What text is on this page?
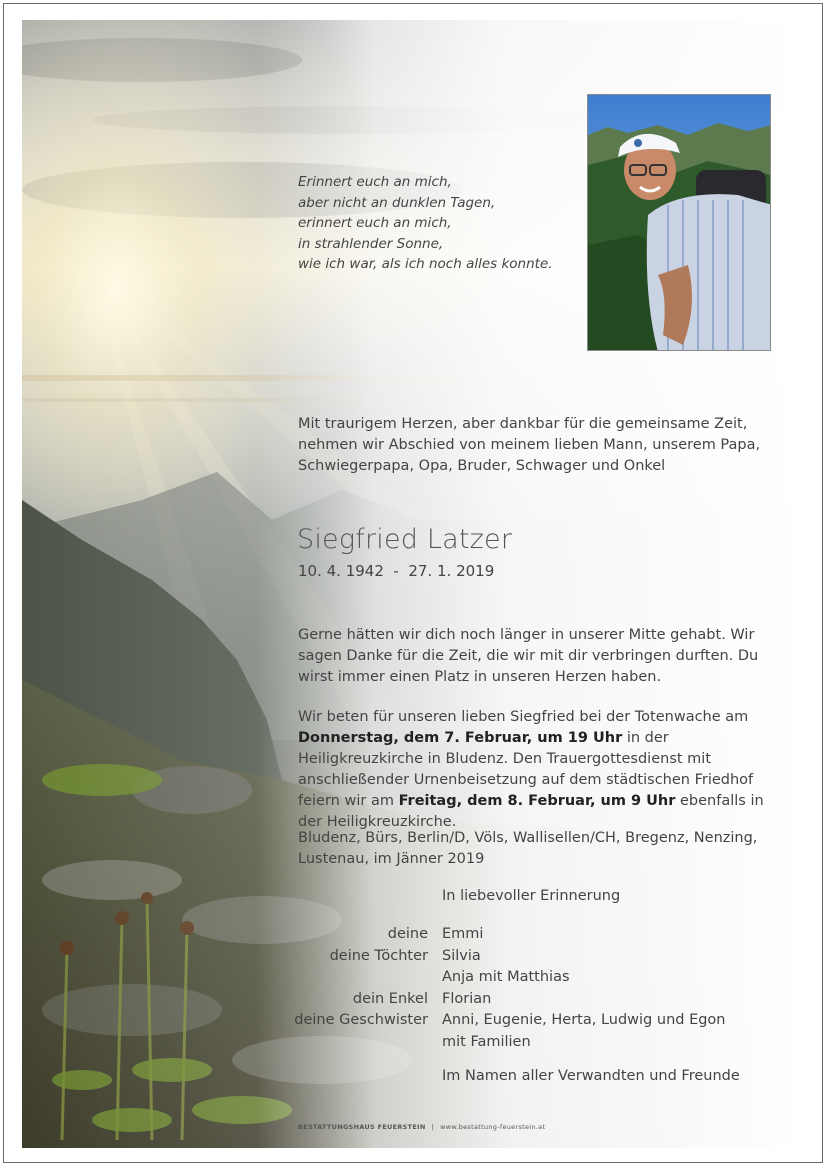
Erinnert euch an mich,
aber nicht an dunklen Tagen,
erinnert euch an mich,
in strahlender Sonne,
wie ich war, als ich noch alles konnte.
Mit traurigem Herzen, aber dankbar für die gemeinsame Zeit, nehmen wir Abschied von meinem lieben Mann, unserem Papa, Schwiegerpapa, Opa, Bruder, Schwager und Onkel
Siegfried Latzer
10. 4. 1942  -  27. 1. 2019
Gerne hätten wir dich noch länger in unserer Mitte gehabt. Wir sagen Danke für die Zeit, die wir mit dir verbringen durften. Du wirst immer einen Platz in unseren Herzen haben.
Wir beten für unseren lieben Siegfried bei der Totenwache am Donnerstag, dem 7. Februar, um 19 Uhr in der Heiligkreuzkirche in Bludenz. Den Trauergottesdienst mit anschließender Urnenbeisetzung auf dem städtischen Friedhof feiern wir am Freitag, dem 8. Februar, um 9 Uhr ebenfalls in der Heiligkreuzkirche.
Bludenz, Bürs, Berlin/D, Völs, Wallisellen/CH, Bregenz, Nenzing, Lustenau, im Jänner 2019
In liebevoller Erinnerung
deine Emmi
deine Töchter Silvia
Anja mit Matthias
dein Enkel Florian
deine Geschwister Anni, Eugenie, Herta, Ludwig und Egon
mit Familien
Im Namen aller Verwandten und Freunde
BESTATTUNGSHAUS FEUERSTEIN | www.bestattung-feuerstein.at
